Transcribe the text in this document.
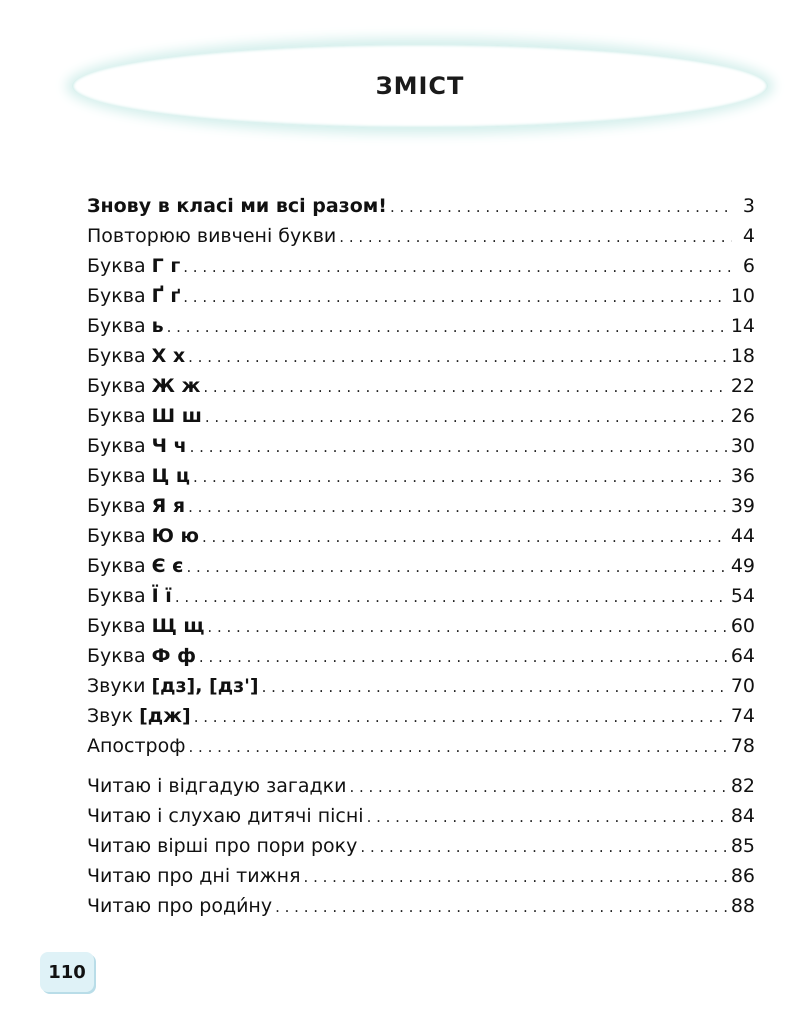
ЗМІСТ
Знову в класі ми всі разом! . . .	3
Повторюю вивчені букви . . .	4
Буква Г г . . .	6
Буква Ґ ґ . . .	10
Буква ь . . .	14
Буква Х х . . .	18
Буква Ж ж . . .	22
Буква Ш ш . . .	26
Буква Ч ч . . .	30
Буква Ц ц . . .	36
Буква Я я . . .	39
Буква Ю ю . . .	44
Буква Є є . . .	49
Буква Ї ї . . .	54
Буква Щ щ . . .	60
Буква Ф ф . . .	64
Звуки [дз], [дз'] . . .	70
Звук [дж] . . .	74
Апостроф . . .	78
Читаю і відгадую загадки . . .	82
Читаю і слухаю дитячі пісні . . .	84
Читаю вірші про пори року . . .	85
Читаю про дні тижня . . .	86
Читаю про роди́ну . . .	88
110
